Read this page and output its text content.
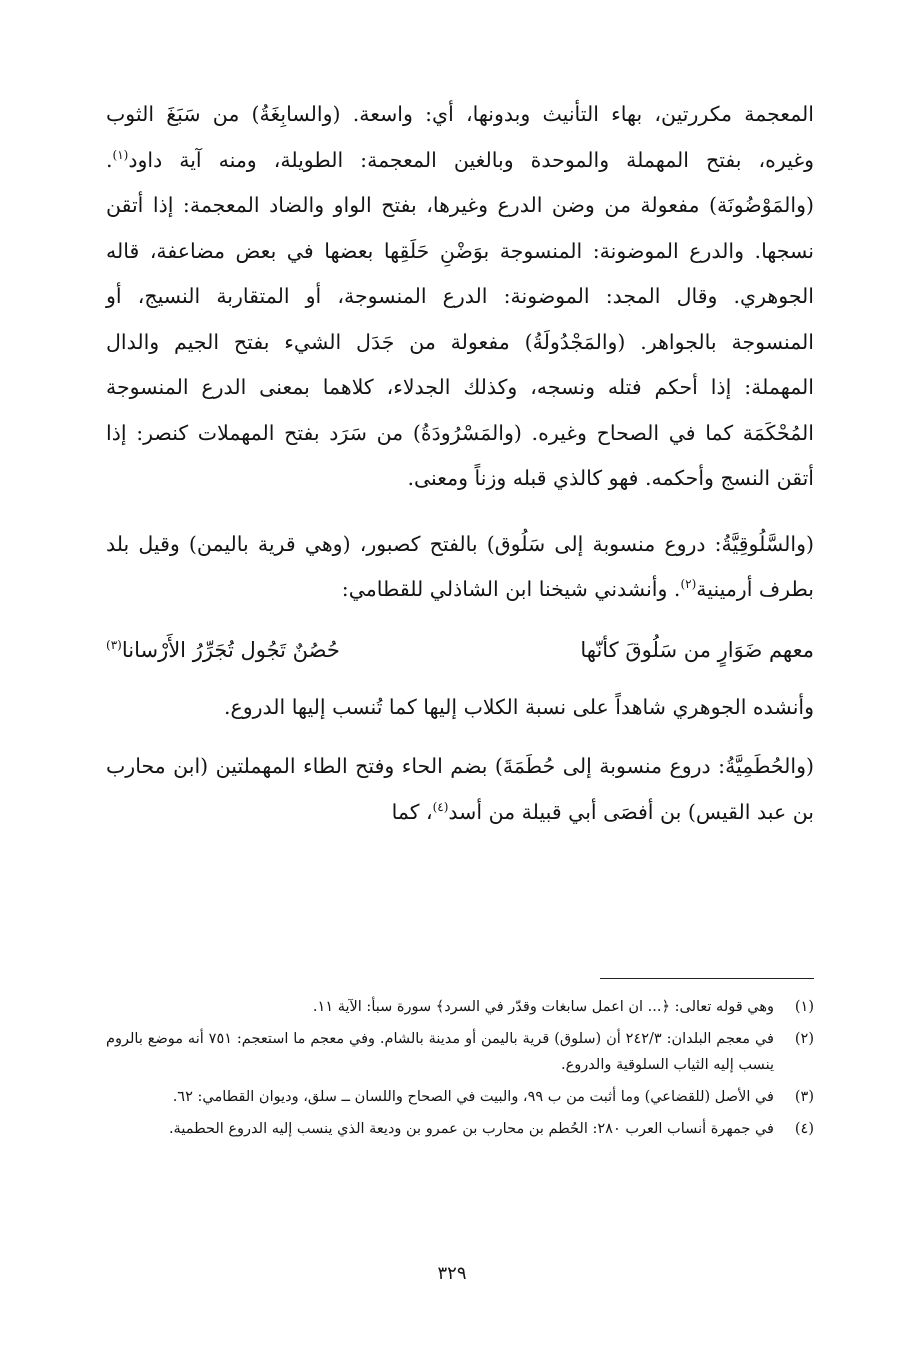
المعجمة مكررتين، بهاء التأنيث وبدونها، أي: واسعة. (والسابِغَةُ) من سَبَغَ الثوب وغيره، بفتح المهملة والموحدة وبالغين المعجمة: الطويلة، ومنه آية داود$^{(١)}$. (والمَوْضُونَة) مفعولة من وضن الدرع وغيرها، بفتح الواو والضاد المعجمة: إذا أتقن نسجها. والدرع الموضونة: المنسوجة بوَضْنِ حَلَقِها بعضها في بعض مضاعفة، قاله الجوهري. وقال المجد: الموضونة: الدرع المنسوجة، أو المتقاربة النسيج، أو المنسوجة بالجواهر. (والمَجْدُولَةُ) مفعولة من جَدَل الشيء بفتح الجيم والدال المهملة: إذا أحكم فتله ونسجه، وكذلك الجدلاء، كلاهما بمعنى الدرع المنسوجة المُحْكَمَة كما في الصحاح وغيره. (والمَسْرُودَةُ) من سَرَد بفتح المهملات كنصر: إذا أتقن النسج وأحكمه. فهو كالذي قبله وزناً ومعنى.

(والسَّلُوقِيَّةُ: دروع منسوبة إلى سَلُوق) بالفتح كصبور، (وهي قرية باليمن) وقيل بلد بطرف أرمينية$^{(٢)}$. وأنشدني شيخنا ابن الشاذلي للقطامي:

معهم ضَوَارٍ من سَلُوقَ كأنّها
حُصُنٌ تَجُول تُجَرِّرُ الأَرْسانا$^{(٣)}$

وأنشده الجوهري شاهداً على نسبة الكلاب إليها كما تُنسب إليها الدروع.

(والحُطَمِيَّةُ: دروع منسوبة إلى حُطَمَةَ) بضم الحاء وفتح الطاء المهملتين (ابن محارب بن عبد القيس) بن أفصَى أبي قبيلة من أسد$^{(٤)}$، كما

(١)
وهي قوله تعالى: ﴿... ان اعمل سابغات وقدّر في السرد﴾ سورة سبأ: الآية ١١.
(٢)
في معجم البلدان: ٢٤٢/٣ أن (سلوق) قرية باليمن أو مدينة بالشام. وفي معجم ما استعجم: ٧٥١ أنه موضع بالروم ينسب إليه الثياب السلوقية والدروع.
(٣)
في الأصل (للقضاعي) وما أثبت من ب ٩٩، والبيت في الصحاح واللسان ــ سلق، وديوان القطامي: ٦٢.
(٤)
في جمهرة أنساب العرب ٢٨٠: الحُطم بن محارب بن عمرو بن وديعة الذي ينسب إليه الدروع الحطمية.
٣٢٩
